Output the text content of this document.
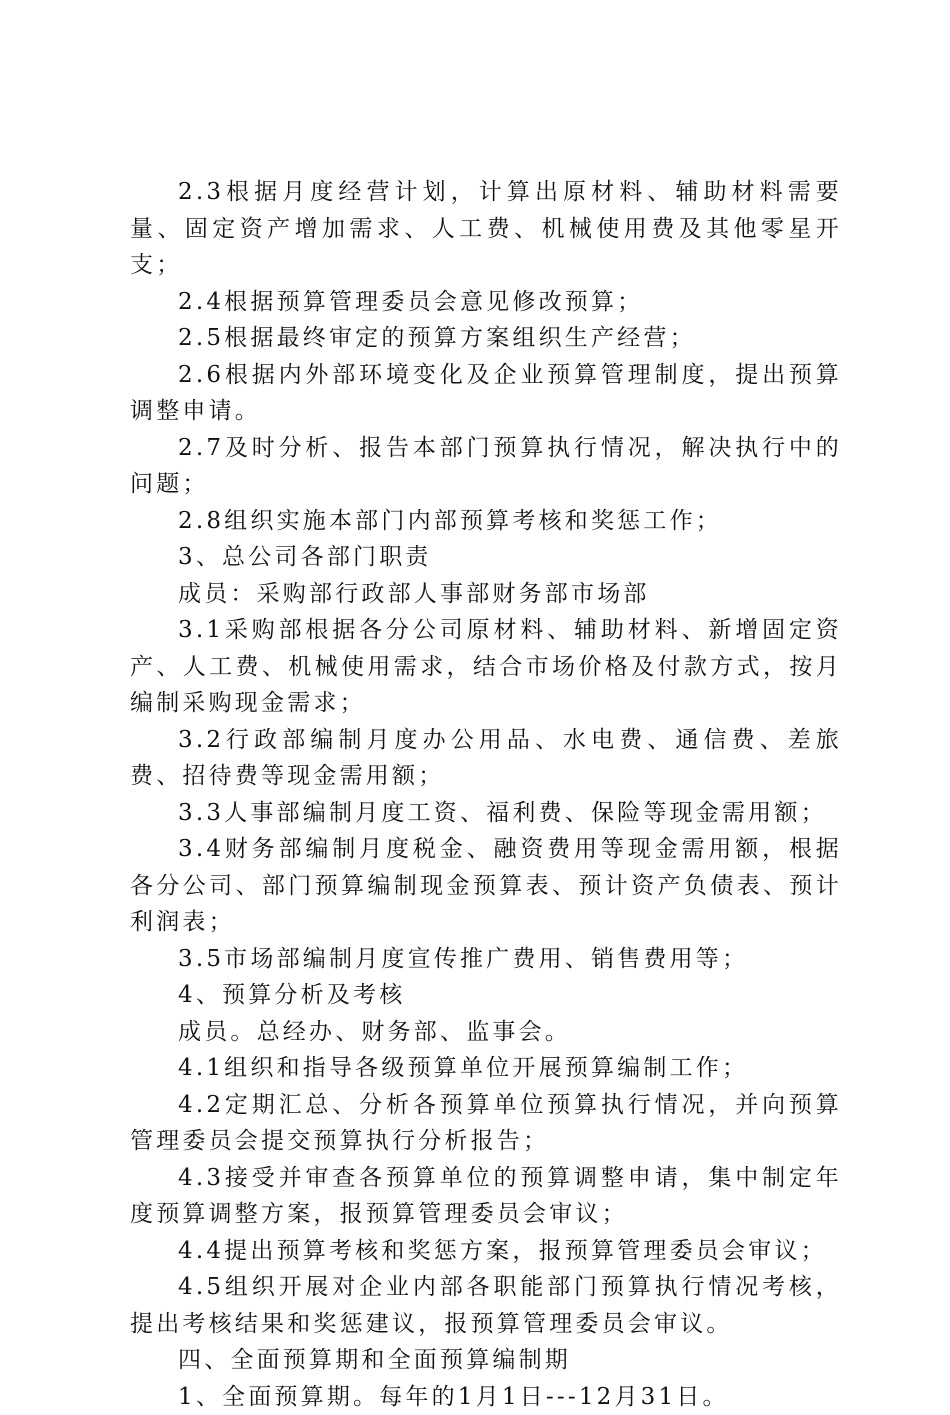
2.3根据月度经营计划，计算出原材料、辅助材料需要量、固定资产增加需求、人工费、机械使用费及其他零星开支；

2.4根据预算管理委员会意见修改预算；

2.5根据最终审定的预算方案组织生产经营；

2.6根据内外部环境变化及企业预算管理制度，提出预算调整申请。

2.7及时分析、报告本部门预算执行情况，解决执行中的问题；

2.8组织实施本部门内部预算考核和奖惩工作；

3、总公司各部门职责

成员：采购部行政部人事部财务部市场部

3.1采购部根据各分公司原材料、辅助材料、新增固定资产、人工费、机械使用需求，结合市场价格及付款方式，按月编制采购现金需求；

3.2行政部编制月度办公用品、水电费、通信费、差旅费、招待费等现金需用额；

3.3人事部编制月度工资、福利费、保险等现金需用额；

3.4财务部编制月度税金、融资费用等现金需用额，根据各分公司、部门预算编制现金预算表、预计资产负债表、预计利润表；

3.5市场部编制月度宣传推广费用、销售费用等；

4、预算分析及考核

成员。总经办、财务部、监事会。

4.1组织和指导各级预算单位开展预算编制工作；

4.2定期汇总、分析各预算单位预算执行情况，并向预算管理委员会提交预算执行分析报告；

4.3接受并审查各预算单位的预算调整申请，集中制定年度预算调整方案，报预算管理委员会审议；

4.4提出预算考核和奖惩方案，报预算管理委员会审议；

4.5组织开展对企业内部各职能部门预算执行情况考核，提出考核结果和奖惩建议，报预算管理委员会审议。

四、全面预算期和全面预算编制期

1、全面预算期。每年的1月1日---12月31日。
